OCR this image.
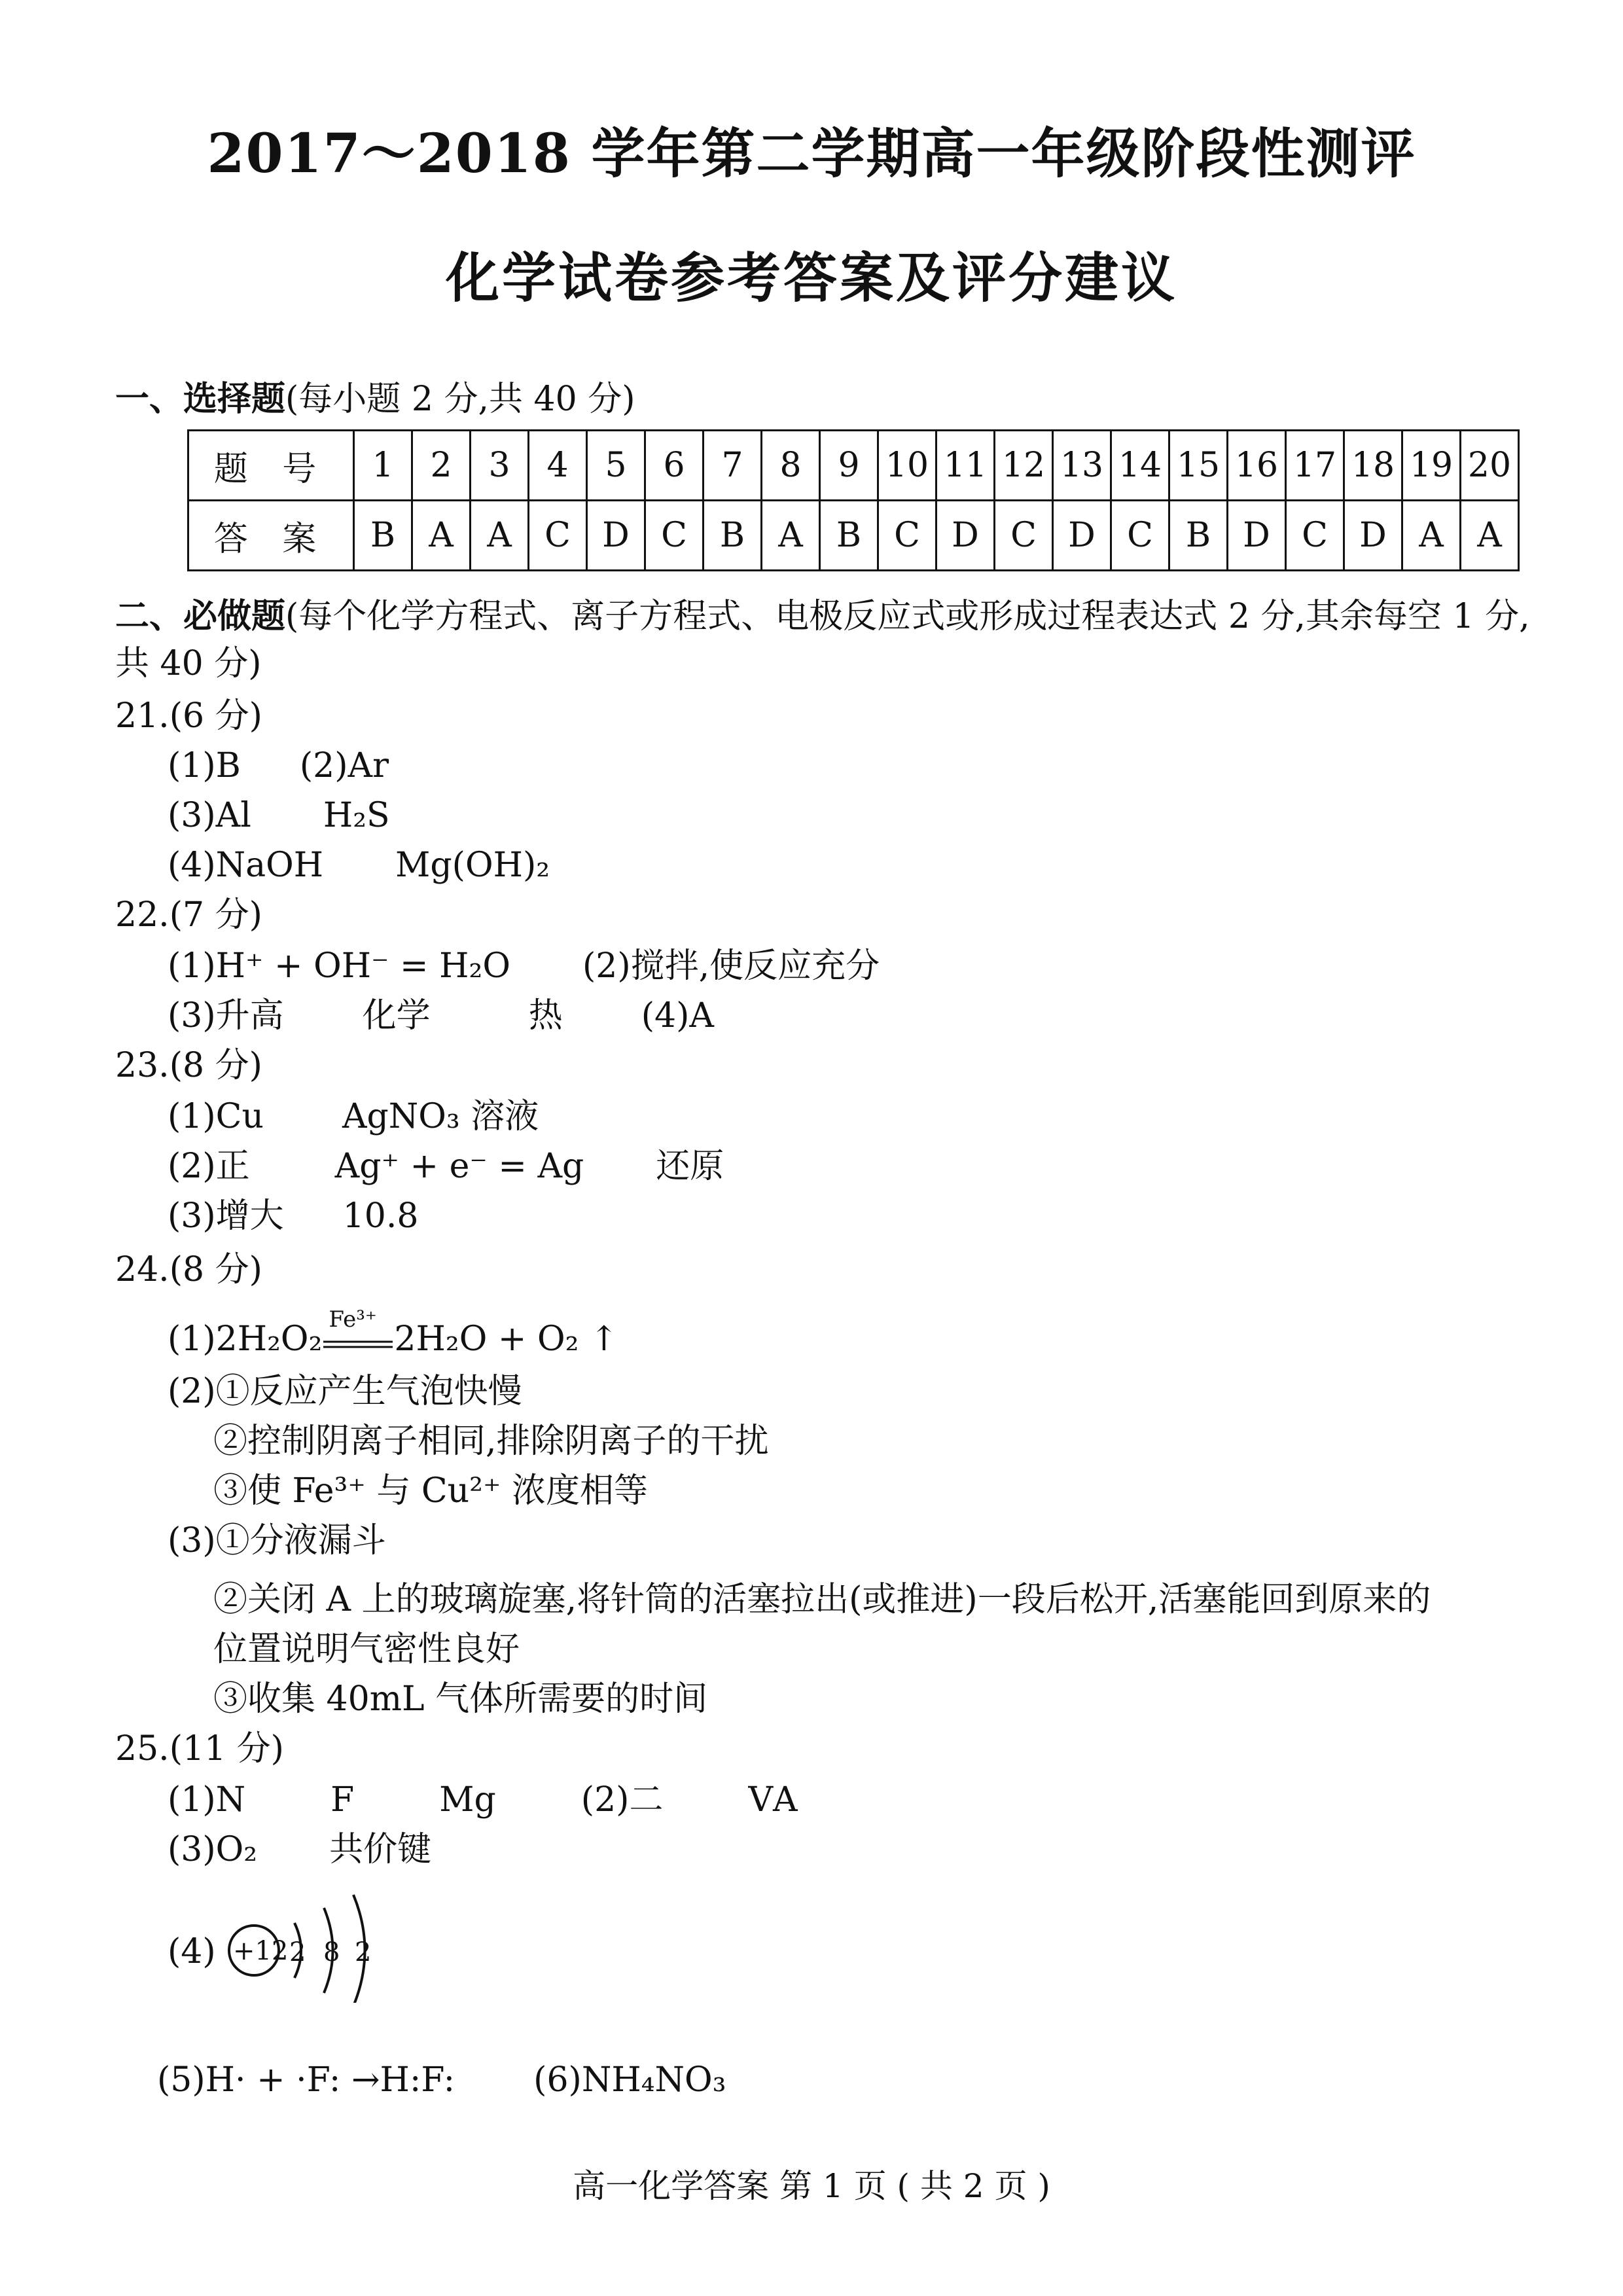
2017～2018 学年第二学期高一年级阶段性测评
化学试卷参考答案及评分建议
一、选择题(每小题 2 分,共 40 分)
题 号	1	2	3	4	5	6	7	8	9	10	11	12	13	14	15	16	17	18	19	20
答 案	B	A	A	C	D	C	B	A	B	C	D	C	D	C	B	D	C	D	A	A
二、必做题(每个化学方程式、离子方程式、电极反应式或形成过程表达式 2 分,其余每空 1 分,
共 40 分)
21.(6 分)
(1)B (2)Ar
(3)Al H₂S
(4)NaOH Mg(OH)₂
22.(7 分)
(1)H⁺ + OH⁻ = H₂O (2)搅拌,使反应充分
(3)升高 化学	热 (4)A
23.(8 分)
(1)Cu AgNO₃ 溶液
(2)正	Ag⁺ + e⁻ = Ag 还原
(3)增大 10.8
24.(8 分)
(1)2H₂O₂
Fe³⁺
2H₂O + O₂ ↑
(2)①反应产生气泡快慢
②控制阴离子相同,排除阴离子的干扰
③使 Fe³⁺ 与 Cu²⁺ 浓度相等
(3)①分液漏斗
②关闭 A 上的玻璃旋塞,将针筒的活塞拉出(或推进)一段后松开,活塞能回到原来的
位置说明气密性良好
③收集 40mL 气体所需要的时间
25.(11 分)
(1)N	F	Mg	(2)二	ⅤA
(3)O₂ 共价键
(4) +12 2 8 2
(5)H· + ·F: →H:F: (6)NH₄NO₃
高一化学答案 第 1 页 ( 共 2 页 )
